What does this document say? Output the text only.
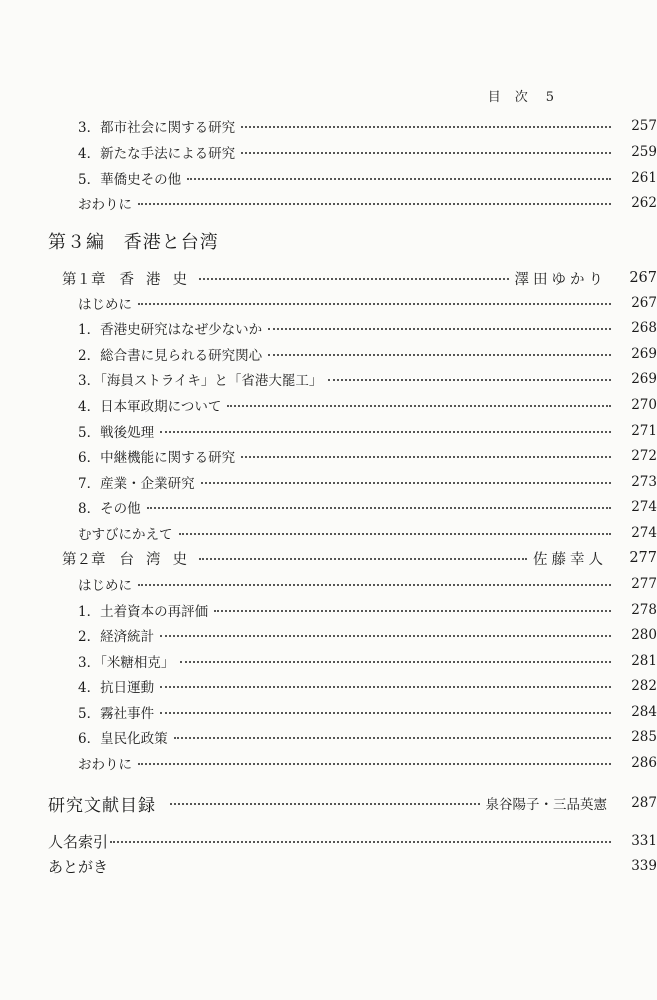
目次 5
3．都市社会に関する研究	257
4．新たな手法による研究	259
5．華僑史その他	261
おわりに	262
第３編 香港と台湾
第１章 香港史	澤田ゆかり	267
はじめに	267
1．香港史研究はなぜ少ないか	268
2．総合書に見られる研究関心	269
3．「海員ストライキ」と「省港大罷工」	269
4．日本軍政期について	270
5．戦後処理	271
6．中継機能に関する研究	272
7．産業・企業研究	273
8．その他	274
むすびにかえて	274
第２章 台湾史	佐藤幸人	277
はじめに	277
1．土着資本の再評価	278
2．経済統計	280
3．「米糖相克」	281
4．抗日運動	282
5．霧社事件	284
6．皇民化政策	285
おわりに	286
研究文献目録	泉谷陽子・三品英憲	287
人名索引	331
あとがき	339
